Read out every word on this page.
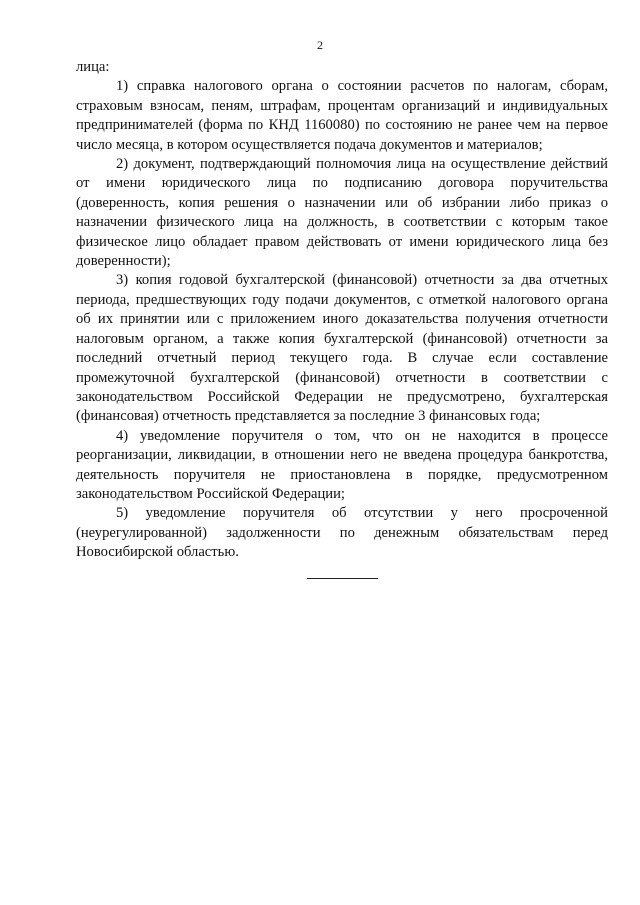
2

лица:

1) справка налогового органа о состоянии расчетов по налогам, сборам, страховым взносам, пеням, штрафам, процентам организаций и индивидуальных предпринимателей (форма по КНД 1160080) по состоянию не ранее чем на первое число месяца, в котором осуществляется подача документов и материалов;

2) документ, подтверждающий полномочия лица на осуществление действий от имени юридического лица по подписанию договора поручительства (доверенность, копия решения о назначении или об избрании либо приказ о назначении физического лица на должность, в соответствии с которым такое физическое лицо обладает правом действовать от имени юридического лица без доверенности);

3) копия годовой бухгалтерской (финансовой) отчетности за два отчетных периода, предшествующих году подачи документов, с отметкой налогового органа об их принятии или с приложением иного доказательства получения отчетности налоговым органом, а также копия бухгалтерской (финансовой) отчетности за последний отчетный период текущего года. В случае если составление промежуточной бухгалтерской (финансовой) отчетности в соответствии с законодательством Российской Федерации не предусмотрено, бухгалтерская (финансовая) отчетность представляется за последние 3 финансовых года;

4) уведомление поручителя о том, что он не находится в процессе реорганизации, ликвидации, в отношении него не введена процедура банкротства, деятельность поручителя не приостановлена в порядке, предусмотренном законодательством Российской Федерации;

5) уведомление поручителя об отсутствии у него просроченной (неурегулированной) задолженности по денежным обязательствам перед Новосибирской областью.
